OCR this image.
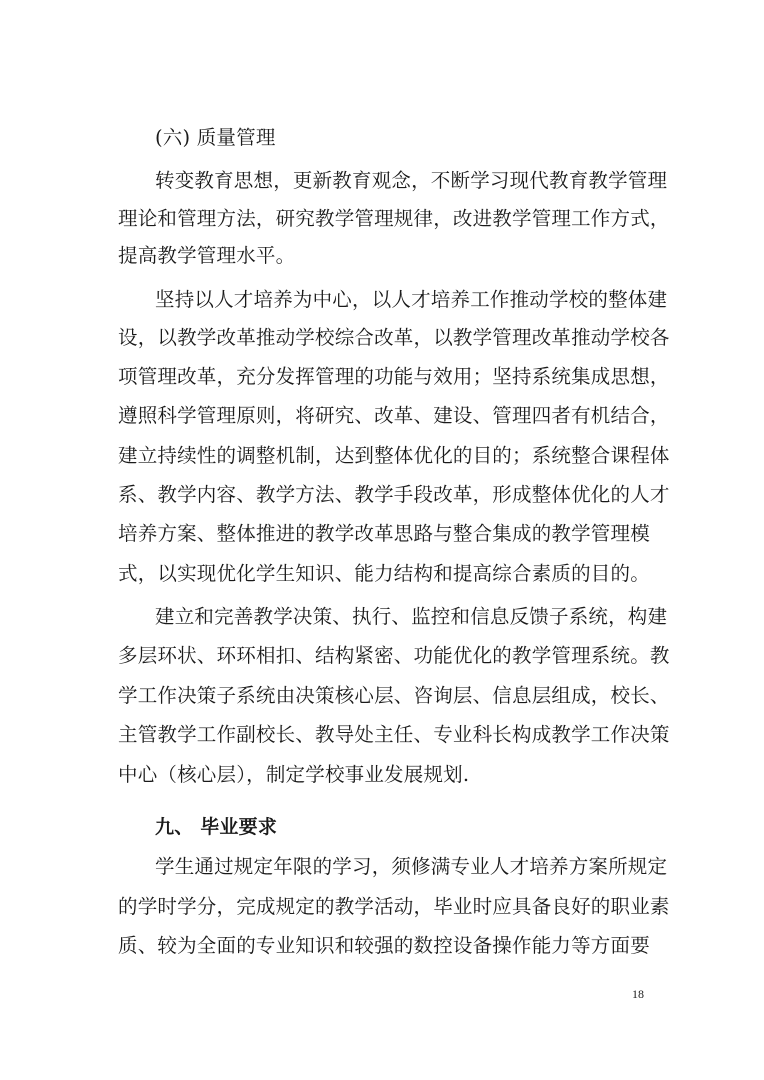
(六) 质量管理
转变教育思想，更新教育观念，不断学习现代教育教学管理
理论和管理方法，研究教学管理规律，改进教学管理工作方式，
提高教学管理水平。
坚持以人才培养为中心，以人才培养工作推动学校的整体建
设，以教学改革推动学校综合改革，以教学管理改革推动学校各
项管理改革，充分发挥管理的功能与效用；坚持系统集成思想，
遵照科学管理原则，将研究、改革、建设、管理四者有机结合，
建立持续性的调整机制，达到整体优化的目的；系统整合课程体
系、教学内容、教学方法、教学手段改革，形成整体优化的人才
培养方案、整体推进的教学改革思路与整合集成的教学管理模
式，以实现优化学生知识、能力结构和提高综合素质的目的。
建立和完善教学决策、执行、监控和信息反馈子系统，构建
多层环状、环环相扣、结构紧密、功能优化的教学管理系统。教
学工作决策子系统由决策核心层、咨询层、信息层组成，校长、
主管教学工作副校长、教导处主任、专业科长构成教学工作决策
中心（核心层），制定学校事业发展规划.
九、 毕业要求
学生通过规定年限的学习，须修满专业人才培养方案所规定
的学时学分，完成规定的教学活动，毕业时应具备良好的职业素
质、较为全面的专业知识和较强的数控设备操作能力等方面要
18
